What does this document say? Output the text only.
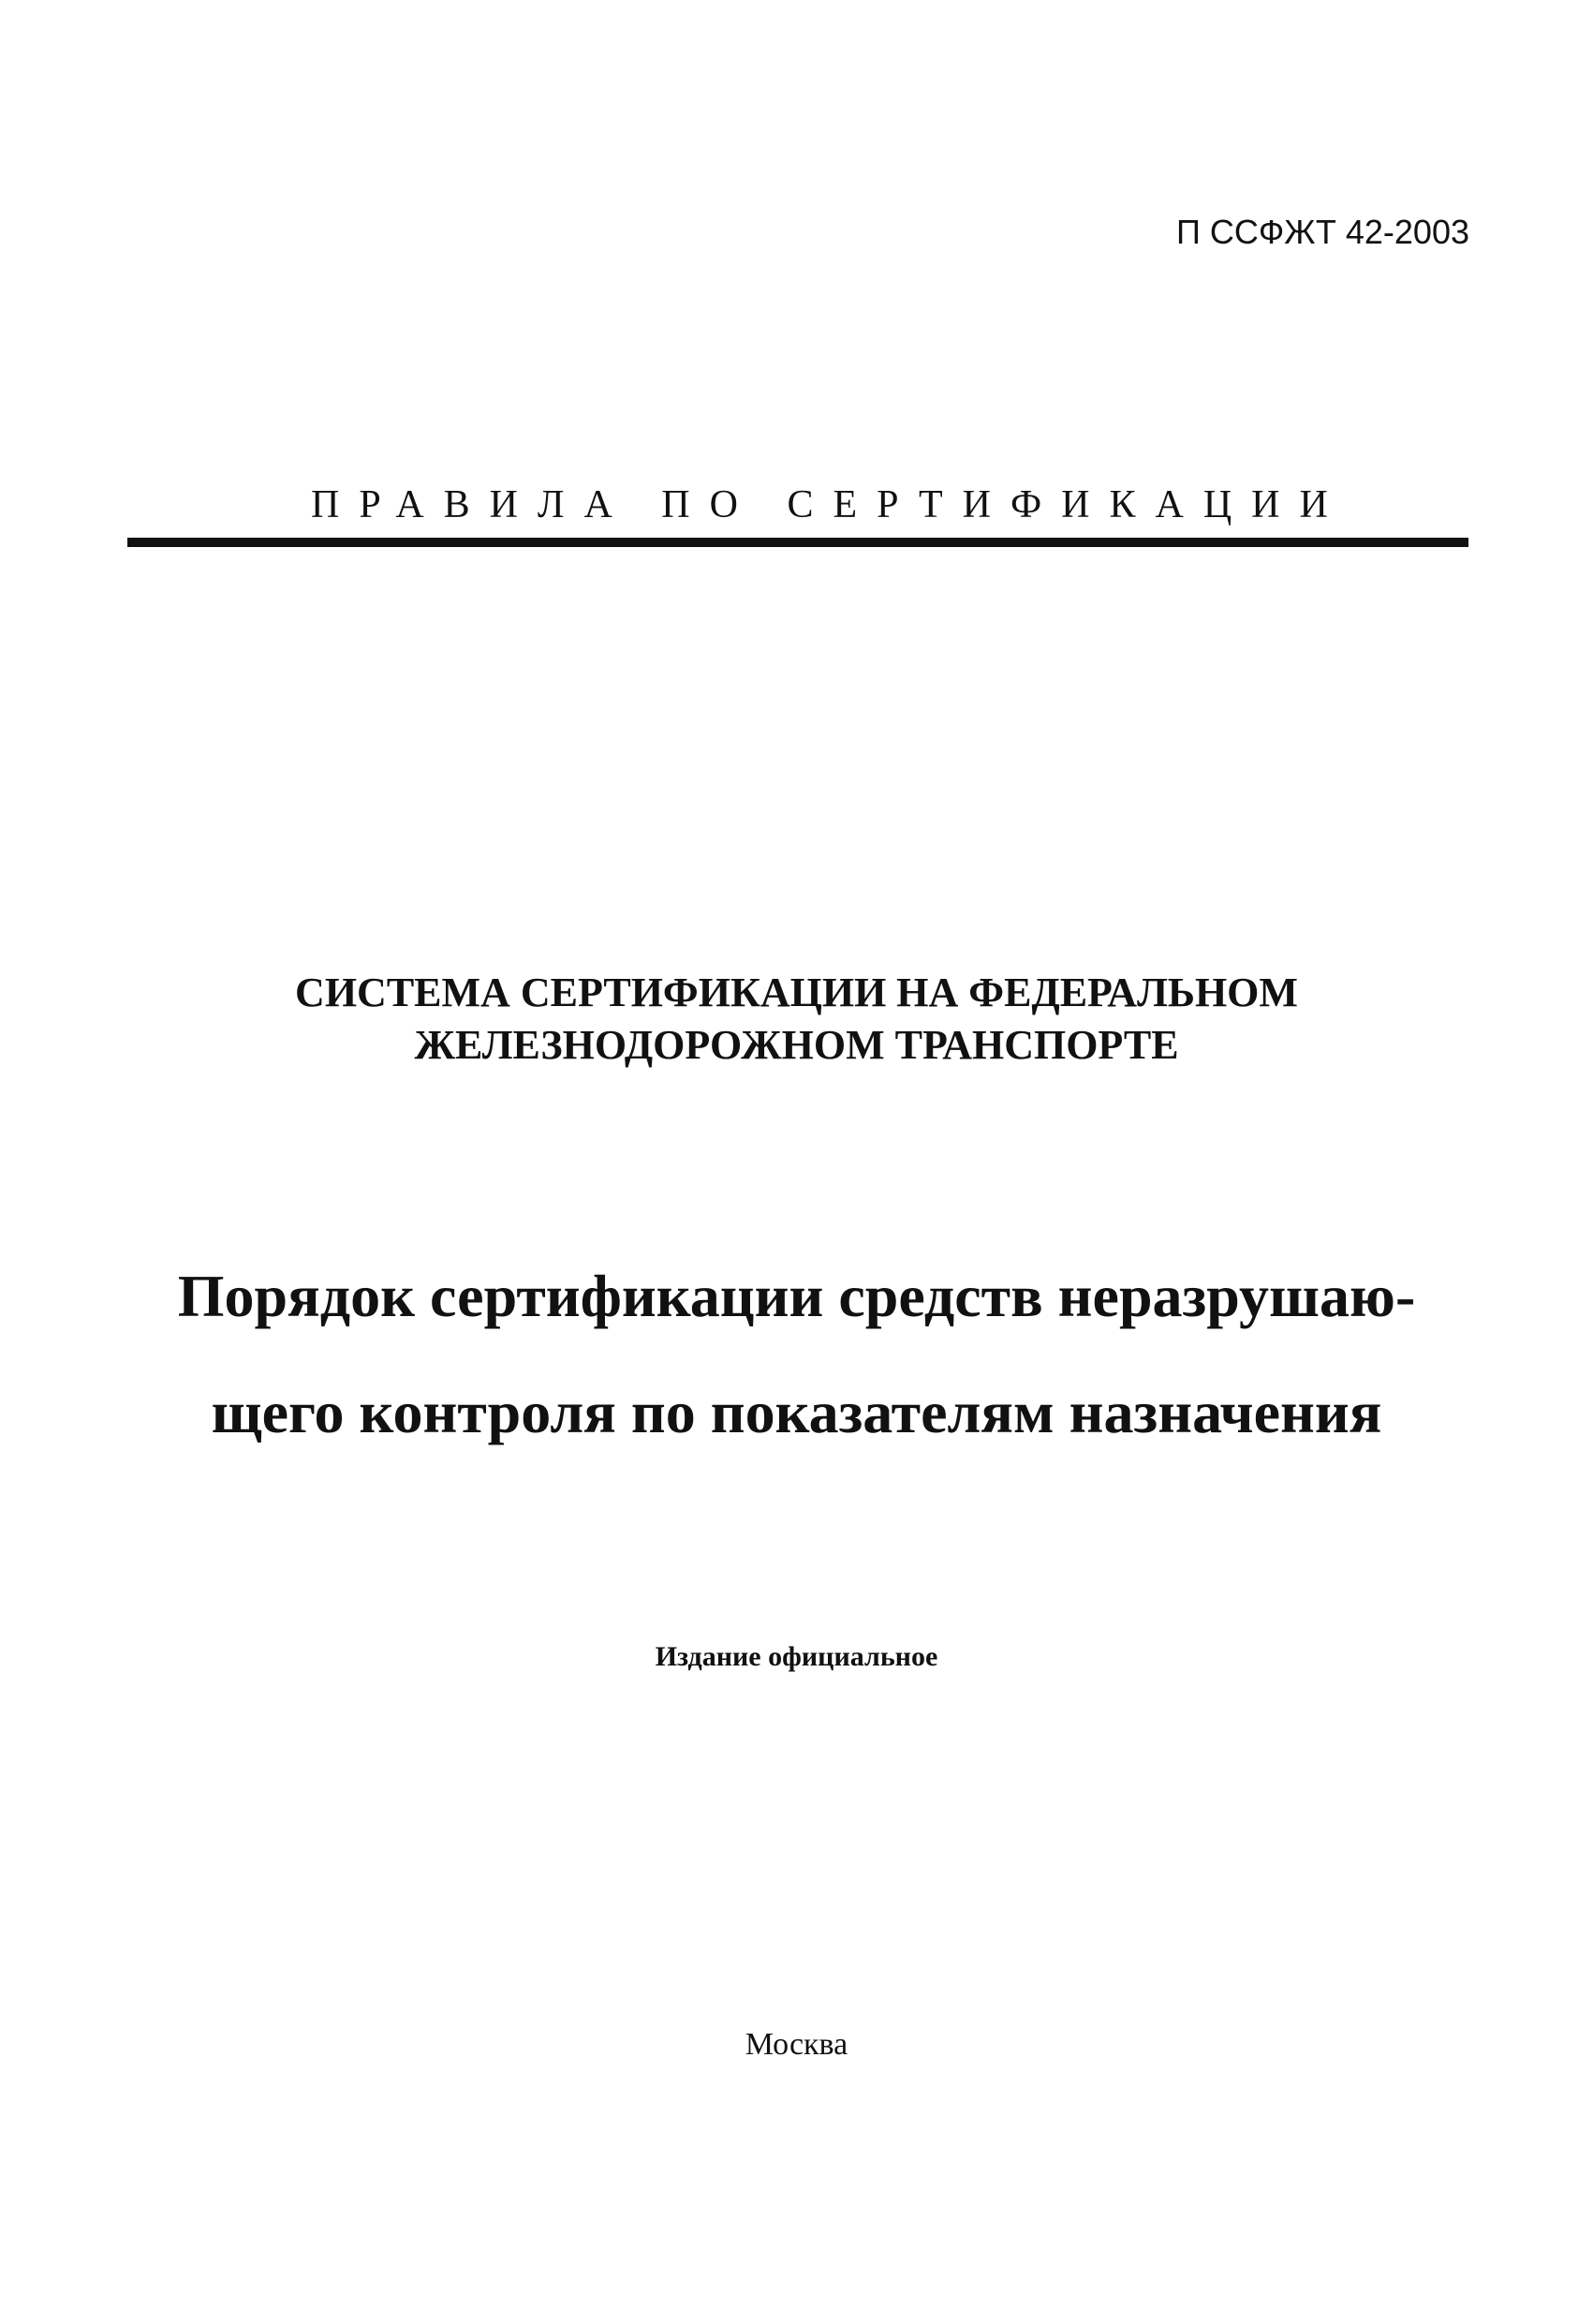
П ССФЖТ 42-2003
ПРАВИЛА ПО СЕРТИФИКАЦИИ
СИСТЕМА СЕРТИФИКАЦИИ НА ФЕДЕРАЛЬНОМ
ЖЕЛЕЗНОДОРОЖНОМ ТРАНСПОРТЕ
Порядок сертификации средств неразрушаю-
щего контроля по показателям назначения
Издание официальное
Москва
